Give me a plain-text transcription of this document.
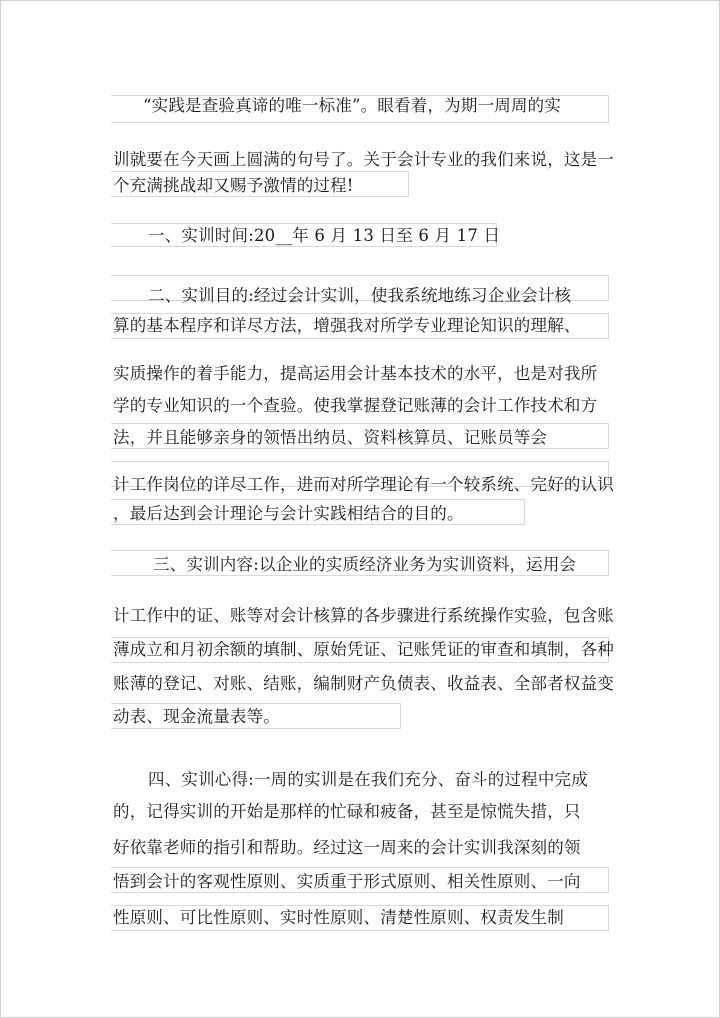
“实践是查验真谛的唯一标准”。眼看着，为期一周周的实
训就要在今天画上圆满的句号了。关于会计专业的我们来说，这是一
个充满挑战却又赐予激情的过程!
一、实训时间:20__年 6 月 13 日至 6 月 17 日
二、实训目的:经过会计实训，使我系统地练习企业会计核
算的基本程序和详尽方法，增强我对所学专业理论知识的理解、
实质操作的着手能力，提高运用会计基本技术的水平，也是对我所
学的专业知识的一个查验。使我掌握登记账薄的会计工作技术和方
法，并且能够亲身的领悟出纳员、资料核算员、记账员等会
计工作岗位的详尽工作，进而对所学理论有一个较系统、完好的认识
，最后达到会计理论与会计实践相结合的目的。
三、实训内容:以企业的实质经济业务为实训资料，运用会
计工作中的证、账等对会计核算的各步骤进行系统操作实验，包含账
薄成立和月初余额的填制、原始凭证、记账凭证的审查和填制，各种
账薄的登记、对账、结账，编制财产负债表、收益表、全部者权益变
动表、现金流量表等。
四、实训心得:一周的实训是在我们充分、奋斗的过程中完成
的，记得实训的开始是那样的忙碌和疲备，甚至是惊慌失措，只
好依靠老师的指引和帮助。经过这一周来的会计实训我深刻的领
悟到会计的客观性原则、实质重于形式原则、相关性原则、一向
性原则、可比性原则、实时性原则、清楚性原则、权责发生制
